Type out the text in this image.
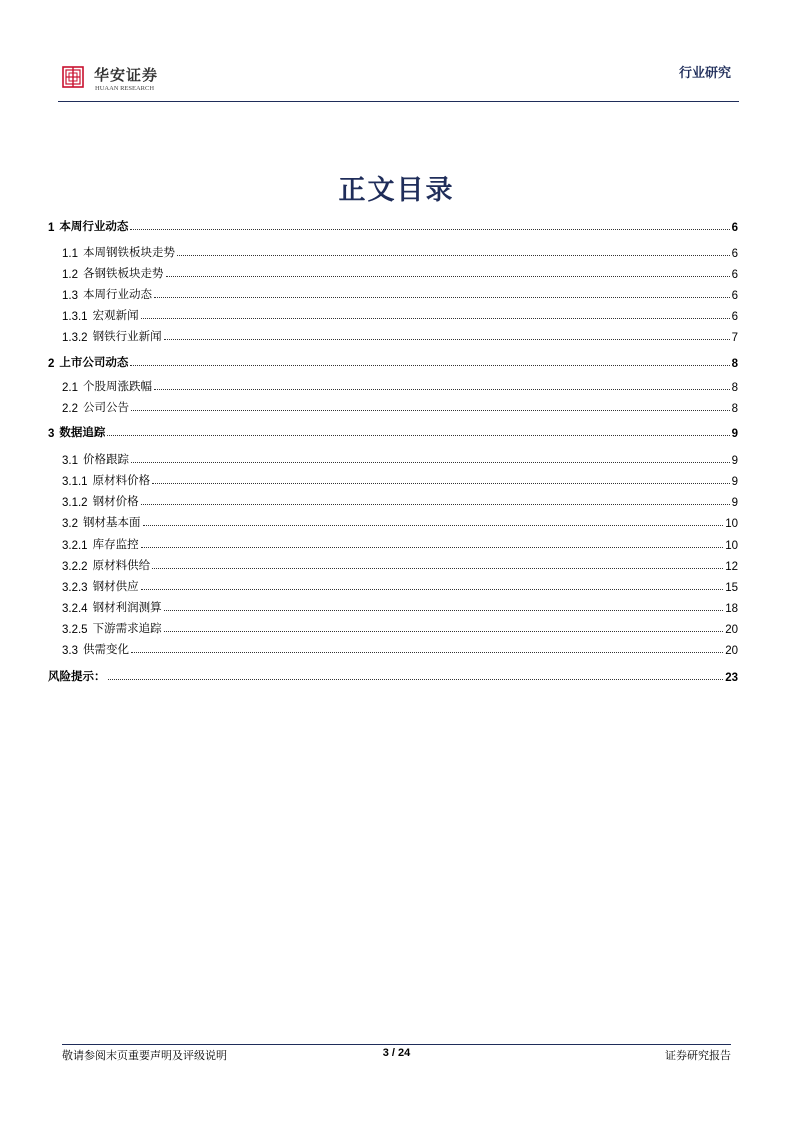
华安证券
HUAAN RESEARCH
行业研究
正文目录
1 本周行业动态	6
1.1 本周钢铁板块走势	6
1.2 各钢铁板块走势	6
1.3 本周行业动态	6
1.3.1 宏观新闻	6
1.3.2 钢铁行业新闻	7
2 上市公司动态	8
2.1 个股周涨跌幅	8
2.2 公司公告	8
3 数据追踪	9
3.1 价格跟踪	9
3.1.1 原材料价格	9
3.1.2 钢材价格	9
3.2 钢材基本面	10
3.2.1 库存监控	10
3.2.2 原材料供给	12
3.2.3 钢材供应	15
3.2.4 钢材利润测算	18
3.2.5 下游需求追踪	20
3.3 供需变化	20
风险提示：	23
敬请参阅末页重要声明及评级说明	3 / 24	证券研究报告
